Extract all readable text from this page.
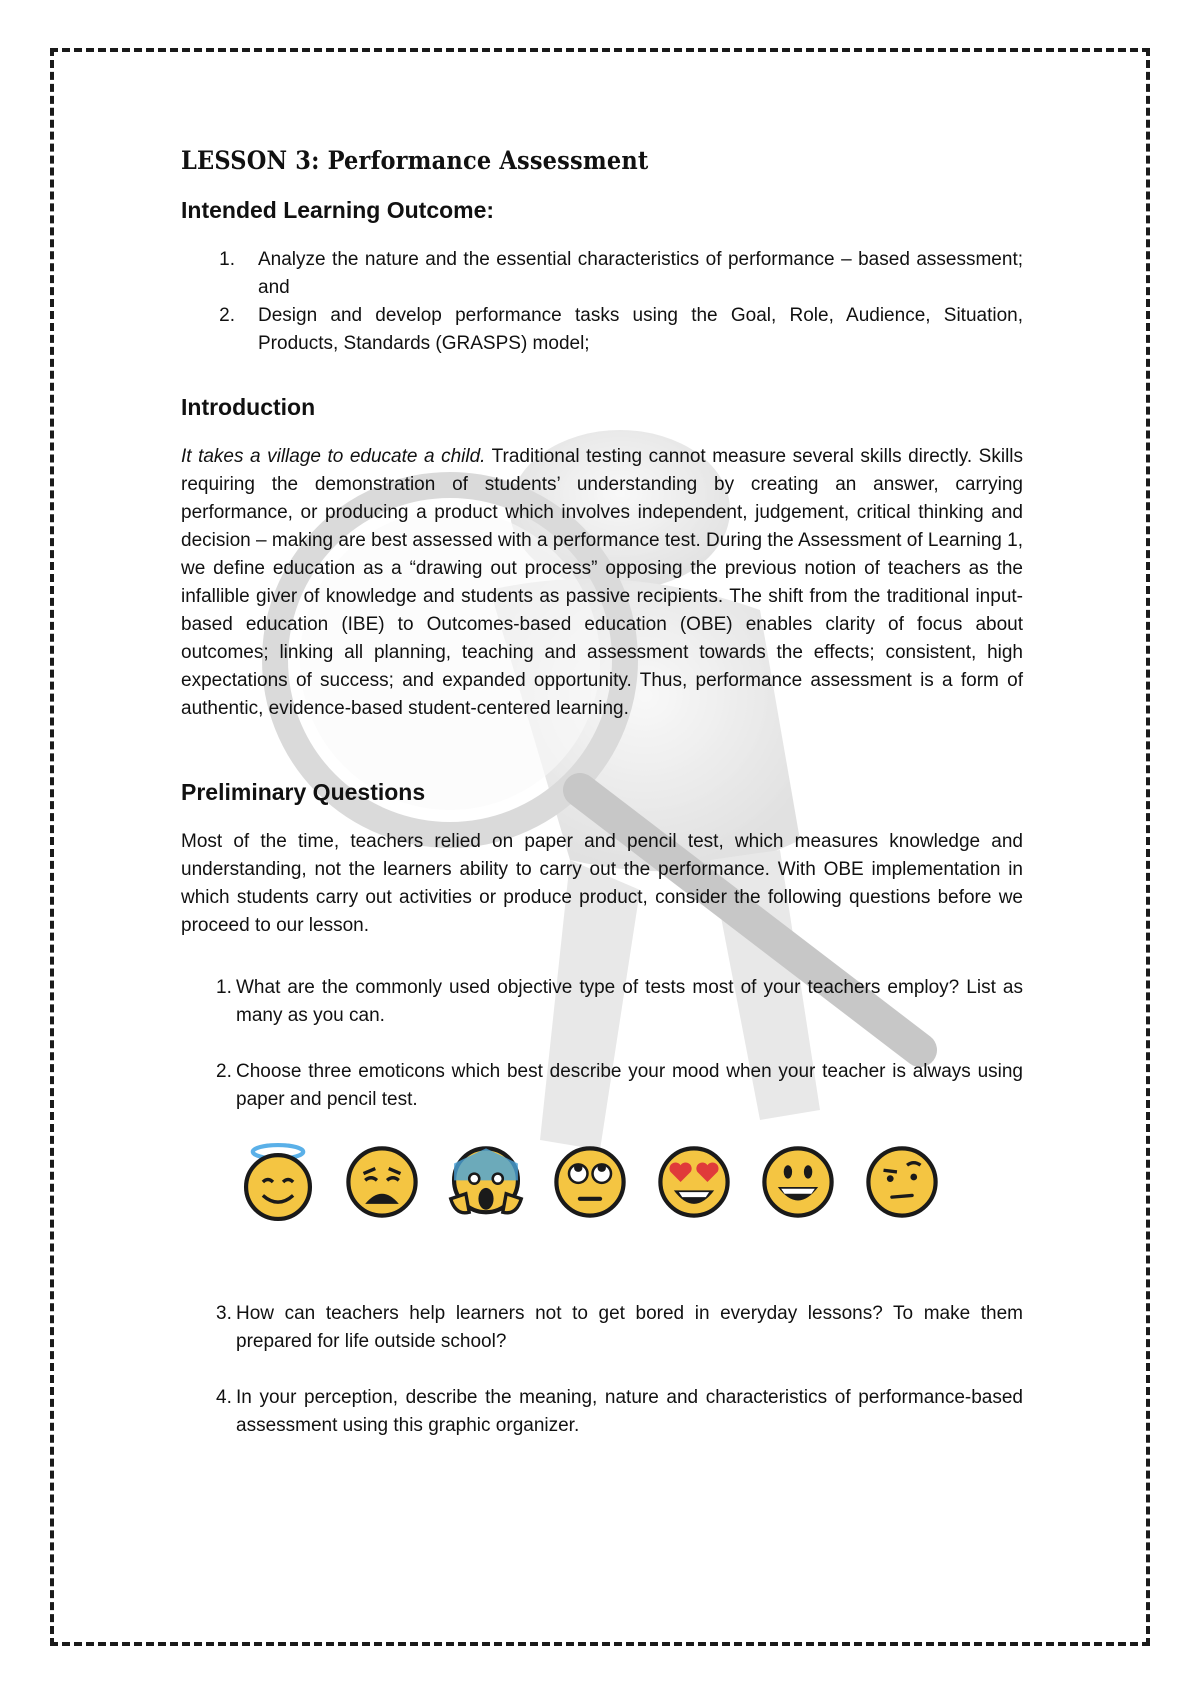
LESSON 3: Performance Assessment
Intended Learning Outcome:
1.	Analyze the nature and the essential characteristics of performance – based assessment; and
2.	Design and develop performance tasks using the Goal, Role, Audience, Situation, Products, Standards (GRASPS) model;
Introduction

It takes a village to educate a child. Traditional testing cannot measure several skills directly. Skills requiring the demonstration of students’ understanding by creating an answer, carrying performance, or producing a product which involves independent, judgement, critical thinking and decision – making are best assessed with a performance test. During the Assessment of Learning 1, we define education as a “drawing out process” opposing the previous notion of teachers as the infallible giver of knowledge and students as passive recipients. The shift from the traditional input-based education (IBE) to Outcomes-based education (OBE) enables clarity of focus about outcomes; linking all planning, teaching and assessment towards the effects; consistent, high expectations of success; and expanded opportunity. Thus, performance assessment is a form of authentic, evidence-based student-centered learning.

Preliminary Questions

Most of the time, teachers relied on paper and pencil test, which measures knowledge and understanding, not the learners ability to carry out the performance. With OBE implementation in which students carry out activities or produce product, consider the following questions before we proceed to our lesson.

1. What are the commonly used objective type of tests most of your teachers employ? List as many as you can.
2. Choose three emoticons which best describe your mood when your teacher is always using paper and pencil test.
3. How can teachers help learners not to get bored in everyday lessons? To make them prepared for life outside school?
4. In your perception, describe the meaning, nature and characteristics of performance-based assessment using this graphic organizer.
